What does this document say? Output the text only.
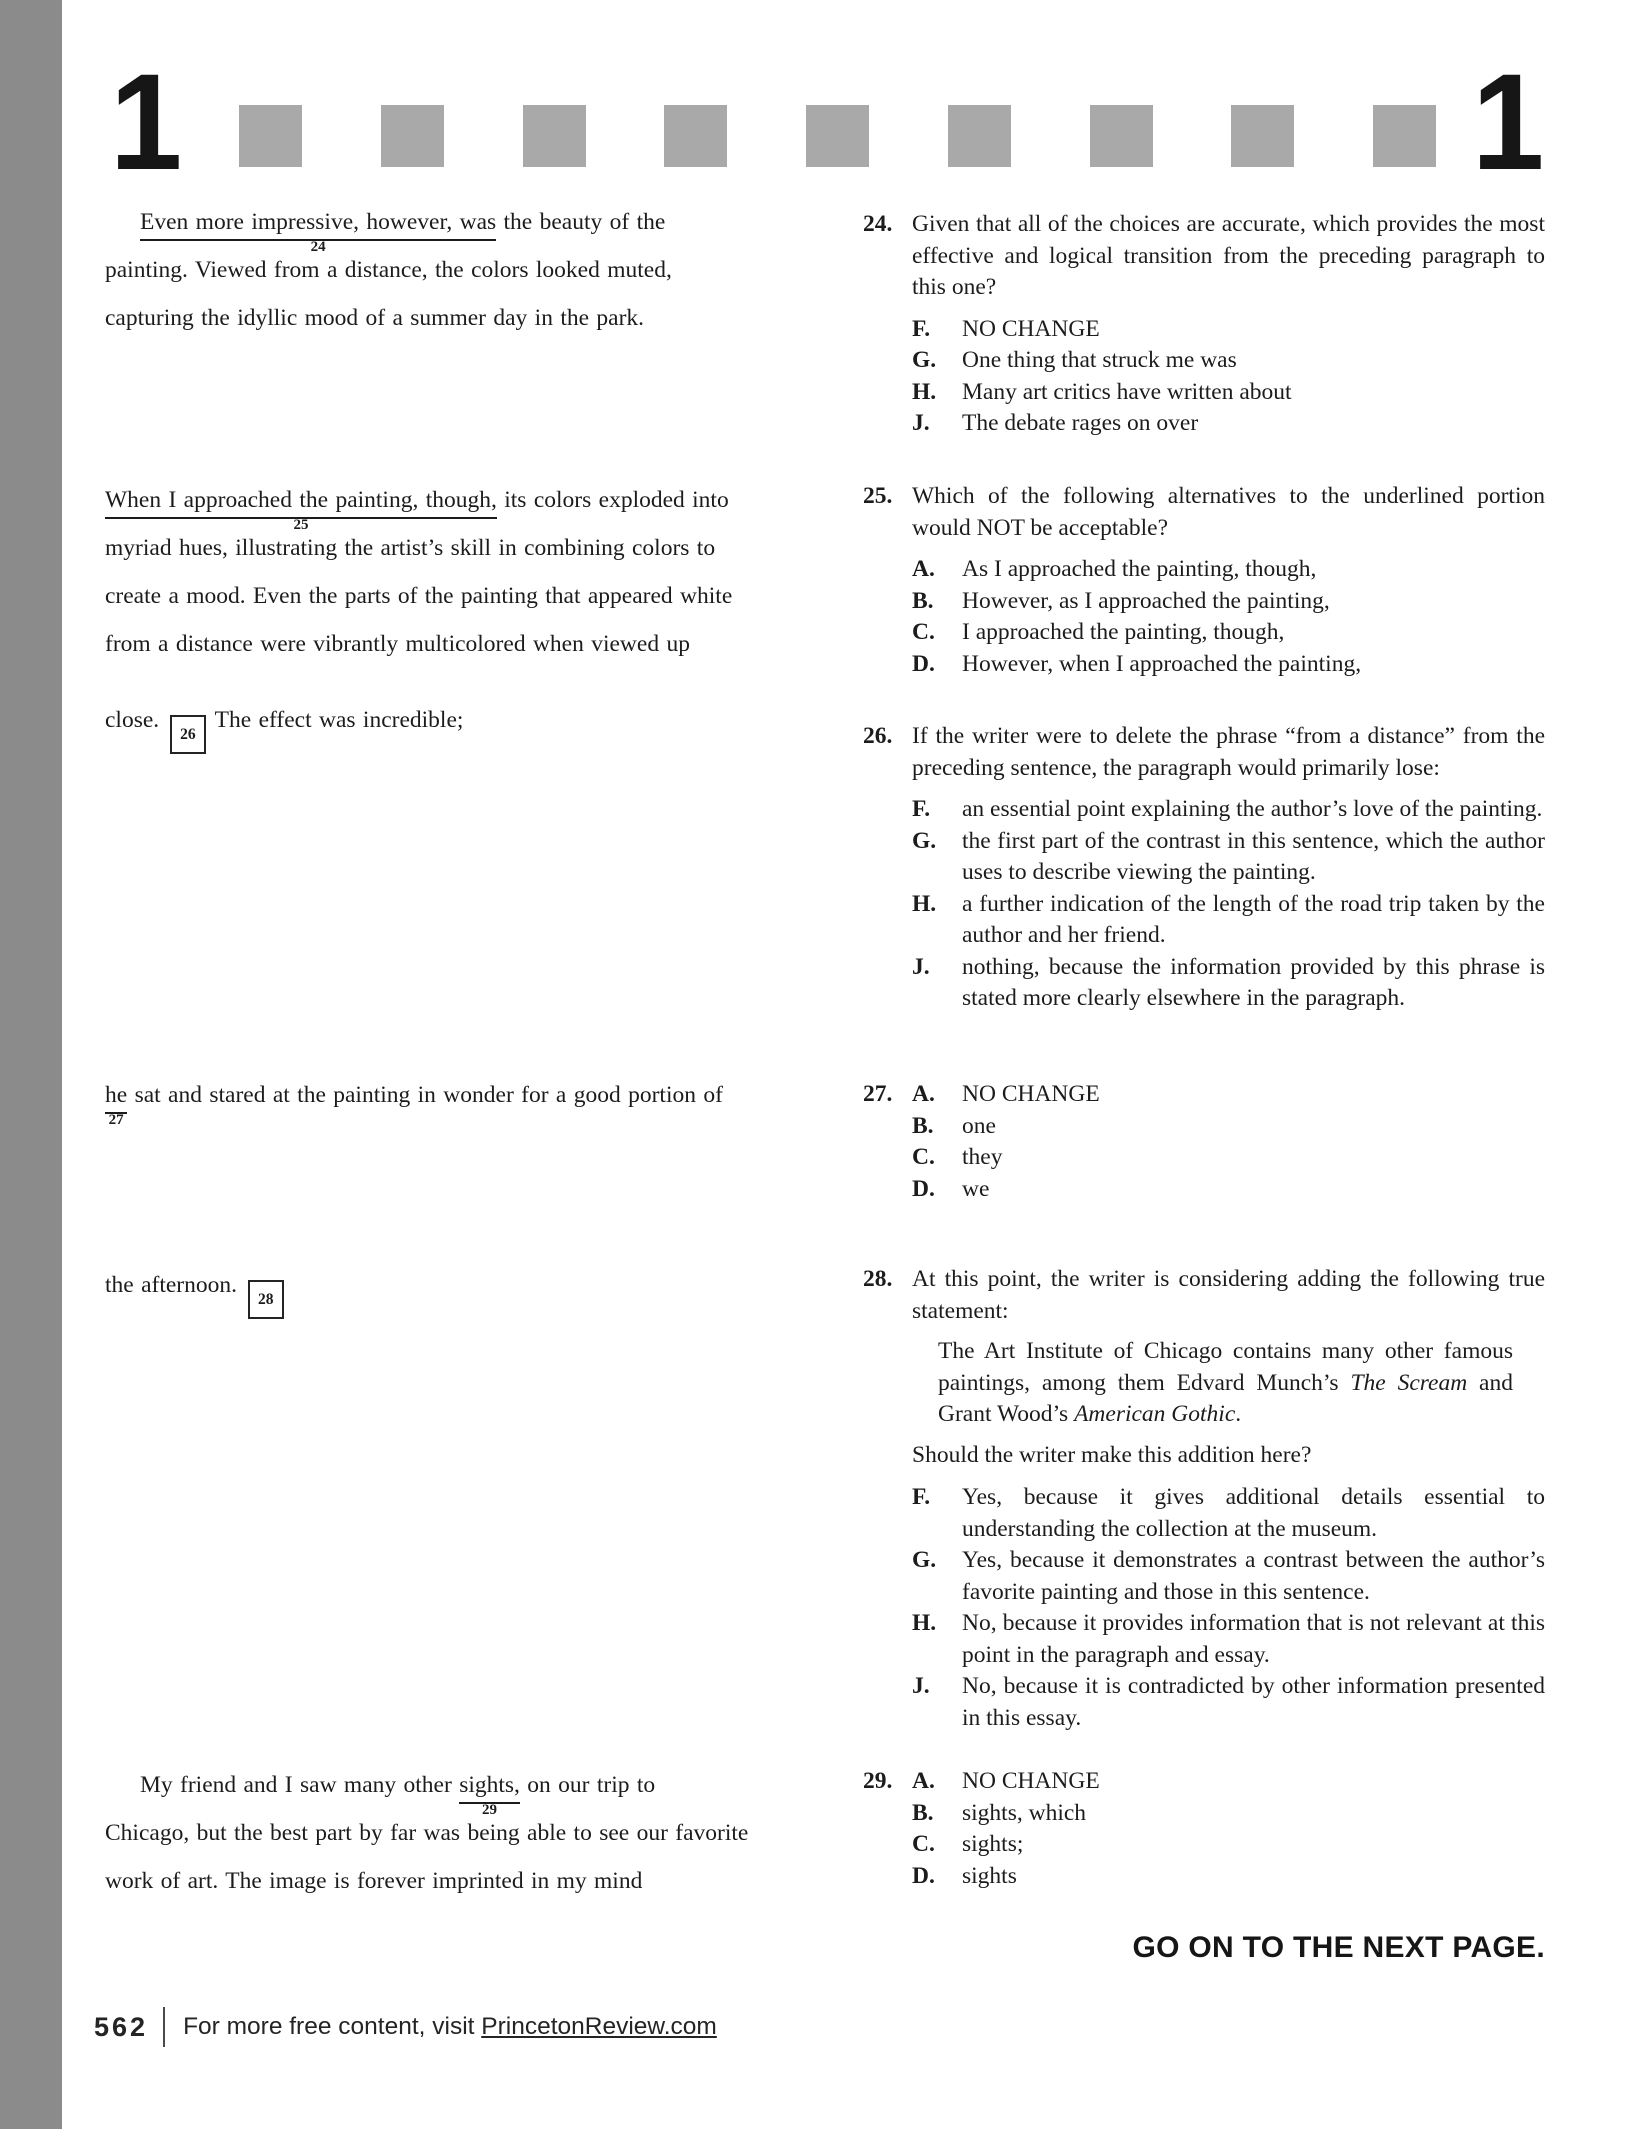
1	1
Even more impressive, however, was
24
the beauty of the
painting. Viewed from a distance, the colors looked muted,
capturing the idyllic mood of a summer day in the park.
When I approached the painting, though,
25
its colors exploded into
myriad hues, illustrating the artist’s skill in combining colors to
create a mood. Even the parts of the painting that appeared white
from a distance were vibrantly multicolored when viewed up
close.26The effect was incredible;
he
27
sat and stared at the painting in wonder for a good portion of
the afternoon.28
My friend and I saw many other sights,
29
on our trip to
Chicago, but the best part by far was being able to see our favorite
work of art. The image is forever imprinted in my mind
24. Given that all of the choices are accurate, which provides the most effective and logical transition from the preceding paragraph to this one?
F.	NO CHANGE
G.	One thing that struck me was
H.	Many art critics have written about
J.	The debate rages on over
25. Which of the following alternatives to the underlined portion would NOT be acceptable?
A.	As I approached the painting, though,
B.	However, as I approached the painting,
C.	I approached the painting, though,
D.	However, when I approached the painting,
26. If the writer were to delete the phrase “from a distance” from the preceding sentence, the paragraph would primarily lose:
F.	an essential point explaining the author’s love of the painting.
G.	the first part of the contrast in this sentence, which the author uses to describe viewing the painting.
H.	a further indication of the length of the road trip taken by the author and her friend.
J.	nothing, because the information provided by this phrase is stated more clearly elsewhere in the paragraph.
27. A.	NO CHANGE
B.	one
C.	they
D.	we
28. At this point, the writer is considering adding the following true statement:
The Art Institute of Chicago contains many other famous paintings, among them Edvard Munch’s The Scream and Grant Wood’s American Gothic.
Should the writer make this addition here?
F.	Yes, because it gives additional details essential to understanding the collection at the museum.
G.	Yes, because it demonstrates a contrast between the author’s favorite painting and those in this sentence.
H.	No, because it provides information that is not relevant at this point in the paragraph and essay.
J.	No, because it is contradicted by other information presented in this essay.
29. A.	NO CHANGE
B.	sights, which
C.	sights;
D.	sights
GO ON TO THE NEXT PAGE.
562 For more free content, visit PrincetonReview.com
